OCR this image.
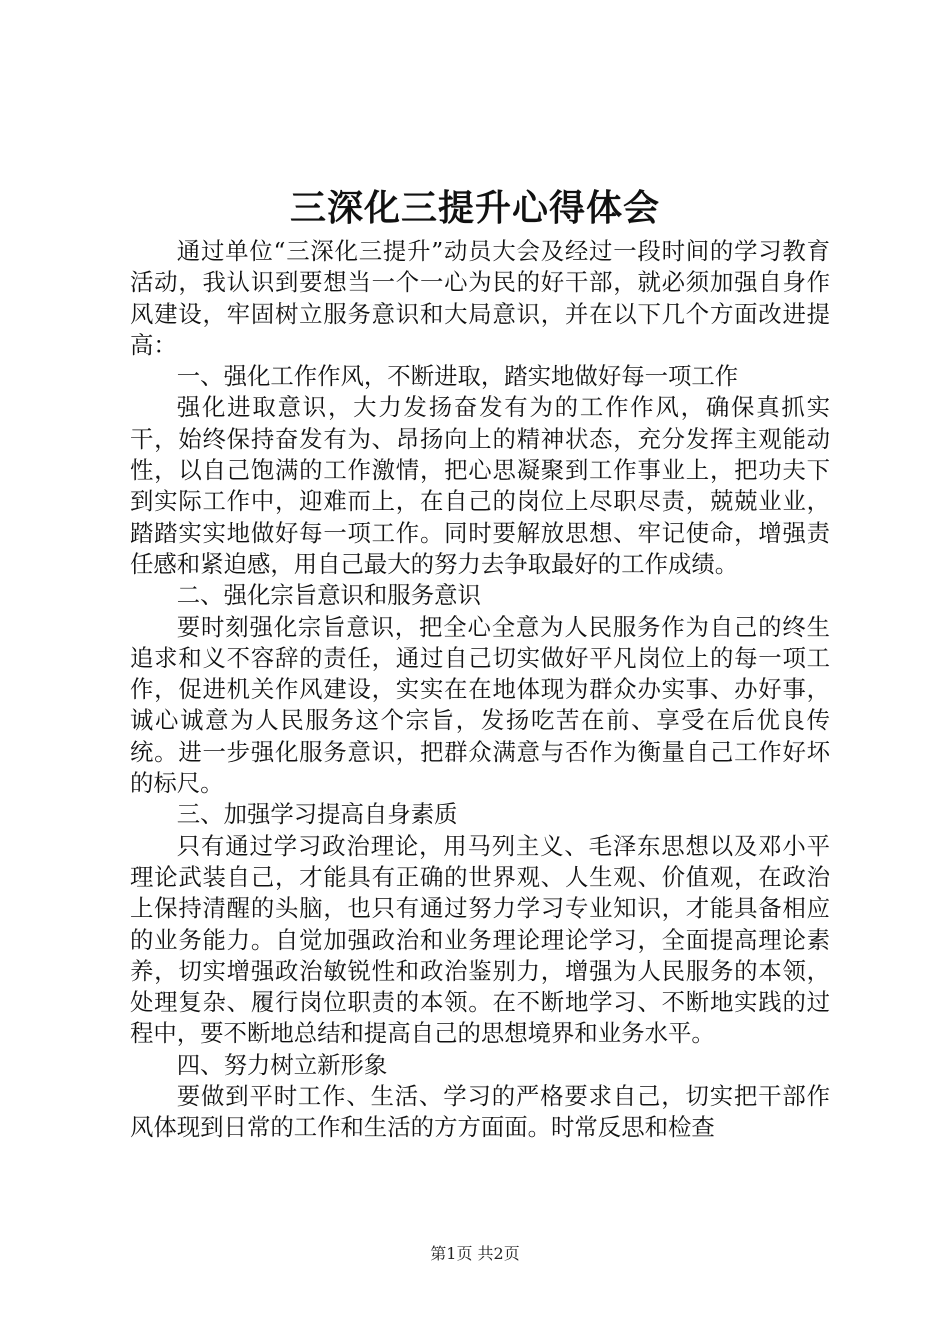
三深化三提升心得体会

通过单位“三深化三提升”动员大会及经过一段时间的学习教育活动，我认识到要想当一个一心为民的好干部，就必须加强自身作风建设，牢固树立服务意识和大局意识，并在以下几个方面改进提高：

一、强化工作作风，不断进取，踏实地做好每一项工作

强化进取意识，大力发扬奋发有为的工作作风，确保真抓实干，始终保持奋发有为、昂扬向上的精神状态，充分发挥主观能动性，以自己饱满的工作激情，把心思凝聚到工作事业上，把功夫下到实际工作中，迎难而上，在自己的岗位上尽职尽责，兢兢业业，踏踏实实地做好每一项工作。同时要解放思想、牢记使命，增强责任感和紧迫感，用自己最大的努力去争取最好的工作成绩。

二、强化宗旨意识和服务意识

要时刻强化宗旨意识，把全心全意为人民服务作为自己的终生追求和义不容辞的责任，通过自己切实做好平凡岗位上的每一项工作，促进机关作风建设，实实在在地体现为群众办实事、办好事，诚心诚意为人民服务这个宗旨，发扬吃苦在前、享受在后优良传统。进一步强化服务意识，把群众满意与否作为衡量自己工作好坏的标尺。

三、加强学习提高自身素质

只有通过学习政治理论，用马列主义、毛泽东思想以及邓小平理论武装自己，才能具有正确的世界观、人生观、价值观，在政治上保持清醒的头脑，也只有通过努力学习专业知识，才能具备相应的业务能力。自觉加强政治和业务理论理论学习，全面提高理论素养，切实增强政治敏锐性和政治鉴别力，增强为人民服务的本领，处理复杂、履行岗位职责的本领。在不断地学习、不断地实践的过程中，要不断地总结和提高自己的思想境界和业务水平。

四、努力树立新形象

要做到平时工作、生活、学习的严格要求自己，切实把干部作风体现到日常的工作和生活的方方面面。时常反思和检查

第1页 共2页
